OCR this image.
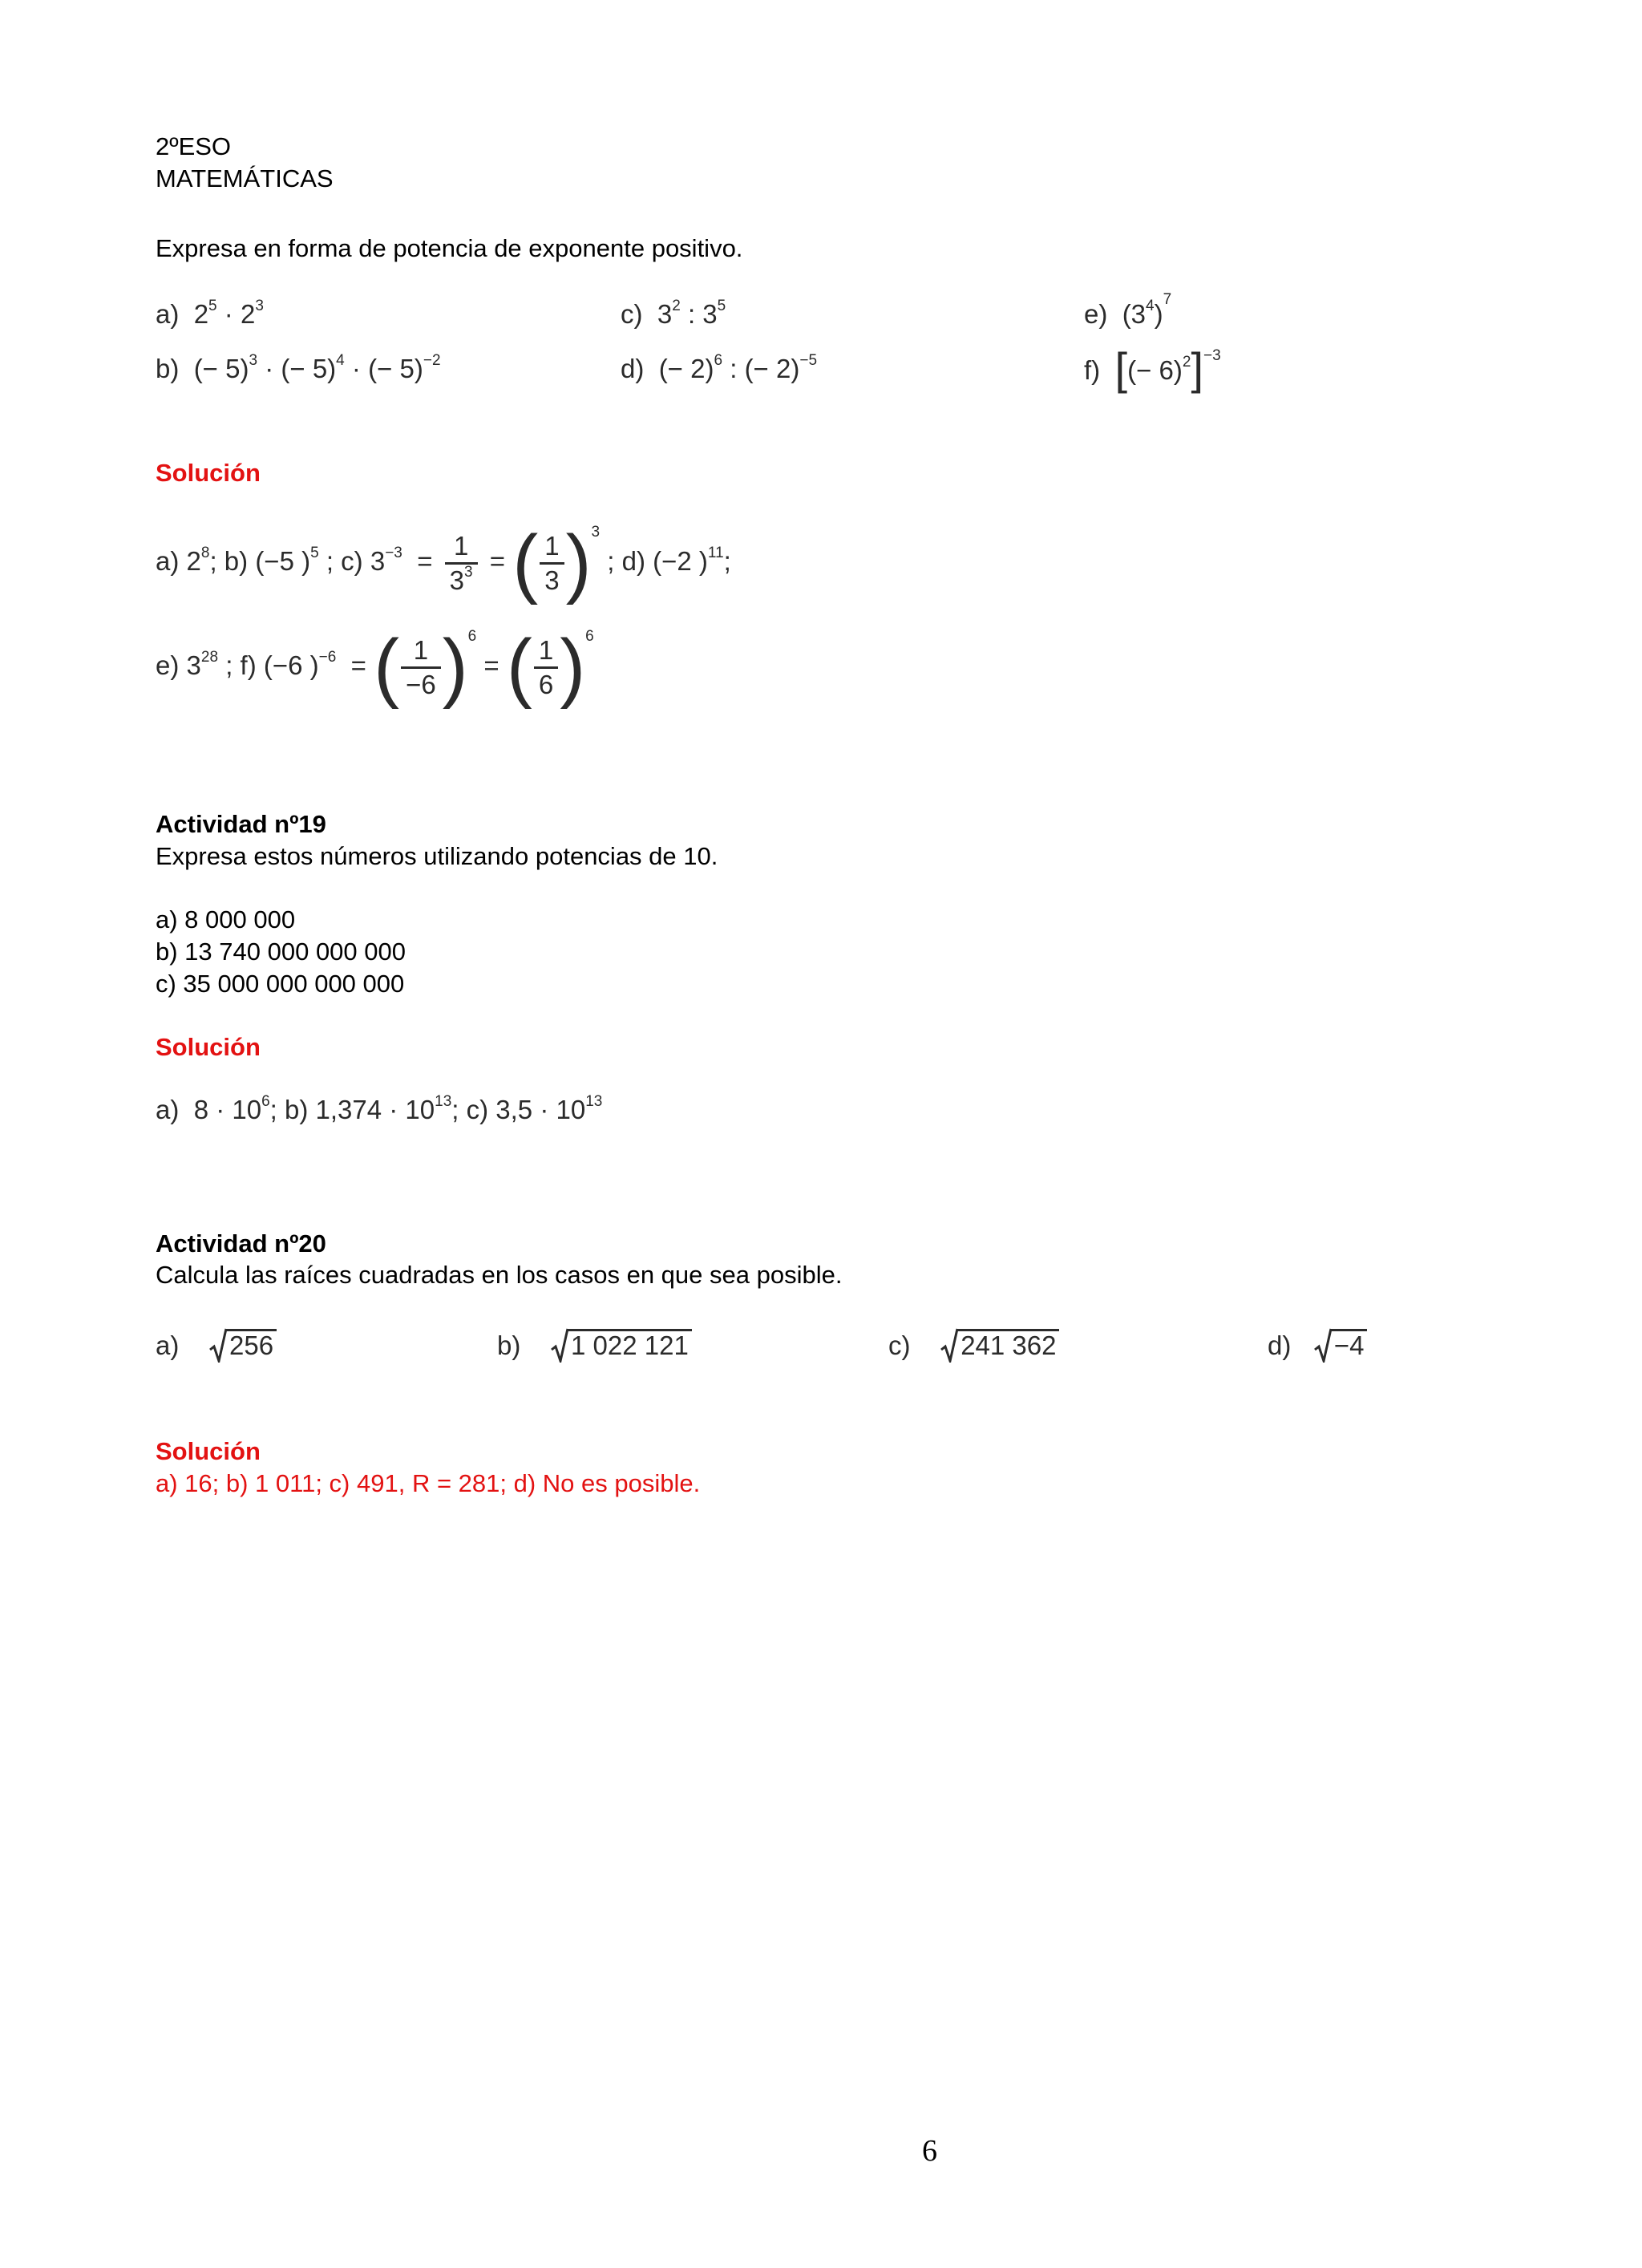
2ºESO
MATEMÁTICAS
Expresa en forma de potencia de exponente positivo.
a) $2^5 \cdot 2^3$
b) (− 5)$^3$ · (− 5)$^4$ · (− 5)$^{-2}$
c) $3^2$ : $3^5$
d) (− 2)$^6$ : (− 2)$^{-5}$
e) $(3^4)^7$
f) [(− 6)$^2$]$^{-3}$
Solución
a) $2^8$; b) (−5 )$^5$ ; c) $3^{-3} = \frac{1}{3^3}$ = ( $\frac{1}{3} )^3$ ; d) (−2 )$^{11}$;
e) $3^{28}$ ; f) (−6 )$^{-6}$ = ( $\frac{1}{-6} )^6$ = ( $\frac{1}{6} )^6$
Actividad nº19
Expresa estos números utilizando potencias de 10.
a) 8 000 000
b) 13 740 000 000 000
c) 35 000 000 000 000
Solución
a) $8 \cdot 10^6$; b) $1,374 \cdot 10^{13}$; c) $3,5 \cdot 10^{13}$
Actividad nº20
Calcula las raíces cuadradas en los casos en que sea posible.
a) 256	b) 1 022 121	c) 241 362	d) −4
Solución
a) 16; b) 1 011; c) 491, R = 281; d) No es posible.
6
